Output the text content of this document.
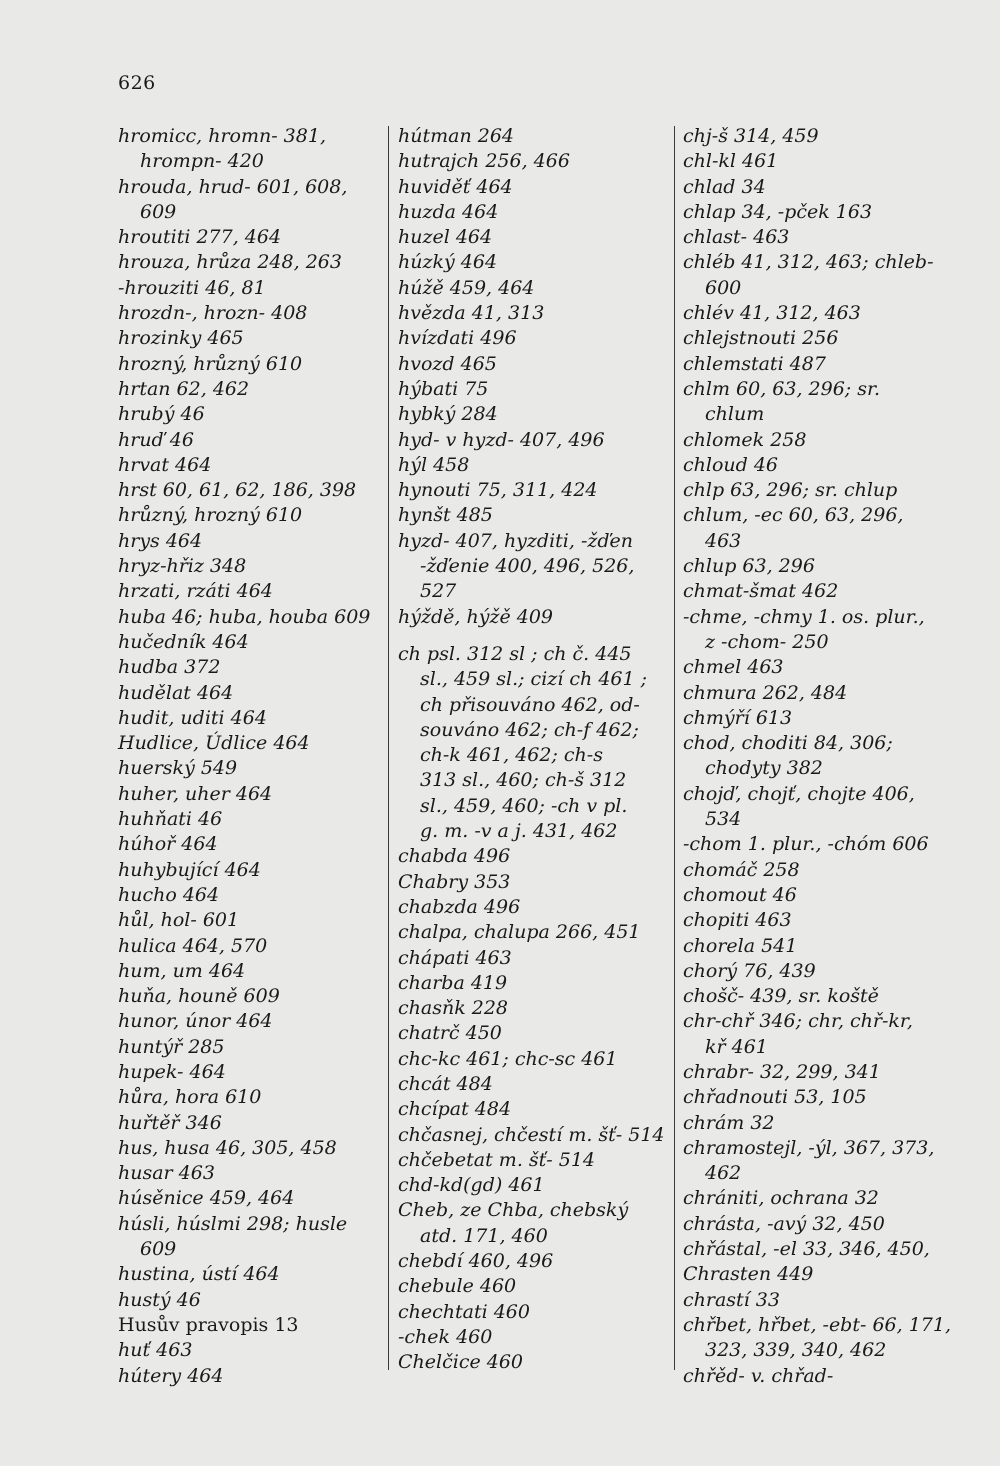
626
hromicc, hromn- 381,
hrompn- 420
hrouda, hrud- 601, 608,
609
hroutiti 277, 464
hrouza, hrůza 248, 263
-hrouziti 46, 81
hrozdn-, hrozn- 408
hrozinky 465
hrozný, hrůzný 610
hrtan 62, 462
hrubý 46
hruď 46
hrvat 464
hrst 60, 61, 62, 186, 398
hrůzný, hrozný 610
hrys 464
hryz-hřiz 348
hrzati, rzáti 464
huba 46; huba, houba 609
hučedník 464
hudba 372
hudělat 464
hudit, uditi 464
Hudlice, Údlice 464
huerský 549
huher, uher 464
huhňati 46
húhoř 464
huhybující 464
hucho 464
hůl, hol- 601
hulica 464, 570
hum, um 464
huňa, houně 609
hunor, únor 464
huntýř 285
hupek- 464
hůra, hora 610
huřtěř 346
hus, husa 46, 305, 458
husar 463
húsěnice 459, 464
húsli, húslmi 298; husle
609
hustina, ústí 464
hustý 46
Husův pravopis 13
huť 463
hútery 464
hútman 264
hutrajch 256, 466
huviděť 464
huzda 464
huzel 464
húzký 464
húžě 459, 464
hvězda 41, 313
hvízdati 496
hvozd 465
hýbati 75
hybký 284
hyd- v hyzd- 407, 496
hýl 458
hynouti 75, 311, 424
hynšt 485
hyzd- 407, hyzditi, -žďen
-žďenie 400, 496, 526,
527
hýždě, hýžě 409
ch psl. 312 sl ; ch č. 445
sl., 459 sl.; cizí ch 461 ;
ch přisouváno 462, od-
souváno 462; ch-f 462;
ch-k 461, 462; ch-s
313 sl., 460; ch-š 312
sl., 459, 460; -ch v pl.
g. m. -v a j. 431, 462
chabda 496
Chabry 353
chabzda 496
chalpa, chalupa 266, 451
chápati 463
charba 419
chasňk 228
chatrč 450
chc-kc 461; chc-sc 461
chcát 484
chcípat 484
chčasnej, chčestí m. šť- 514
chčebetat m. šť- 514
chd-kd(gd) 461
Cheb, ze Chba, chebský
atd. 171, 460
chebdí 460, 496
chebule 460
chechtati 460
-chek 460
Chelčice 460
chj-š 314, 459
chl-kl 461
chlad 34
chlap 34, -pček 163
chlast- 463
chléb 41, 312, 463; chleb-
600
chlév 41, 312, 463
chlejstnouti 256
chlemstati 487
chlm 60, 63, 296; sr.
chlum
chlomek 258
chloud 46
chlp 63, 296; sr. chlup
chlum, -ec 60, 63, 296,
463
chlup 63, 296
chmat-šmat 462
-chme, -chmy 1. os. plur.,
z -chom- 250
chmel 463
chmura 262, 484
chmýří 613
chod, choditi 84, 306;
chodyty 382
chojď, chojť, chojte 406,
534
-chom 1. plur., -chóm 606
chomáč 258
chomout 46
chopiti 463
chorela 541
chorý 76, 439
chošč- 439, sr. koště
chr-chř 346; chr, chř-kr,
kř 461
chrabr- 32, 299, 341
chřadnouti 53, 105
chrám 32
chramostejl, -ýl, 367, 373,
462
chrániti, ochrana 32
chrásta, -avý 32, 450
chřástal, -el 33, 346, 450,
Chrasten 449
chrastí 33
chřbet, hřbet, -ebt- 66, 171,
323, 339, 340, 462
chřěd- v. chřad-
